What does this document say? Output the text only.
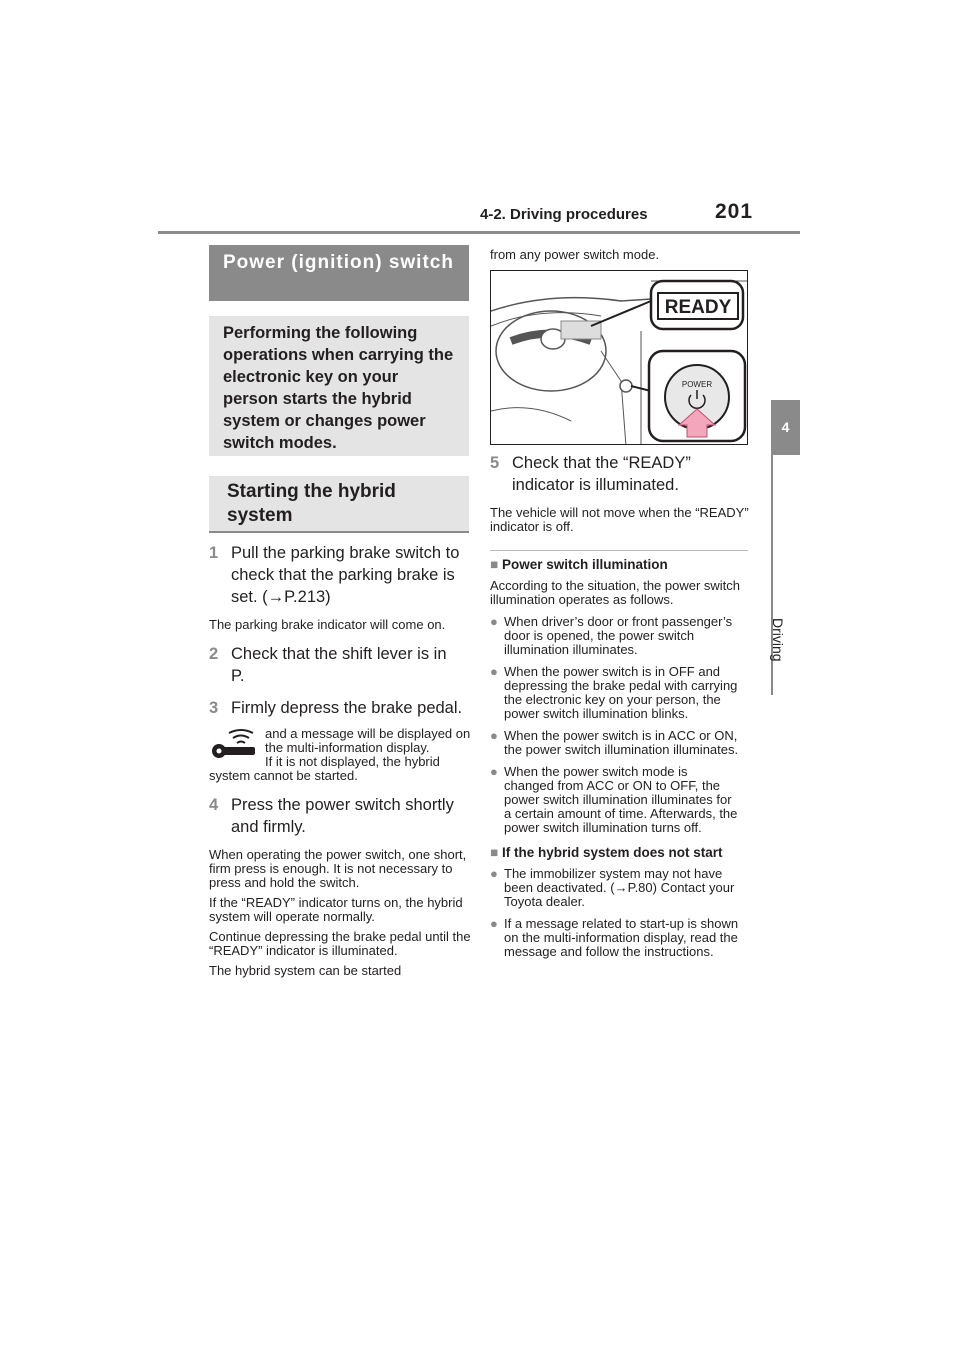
4-2. Driving procedures	201
4
Driving
Power (ignition) switch
Performing the following operations when carrying the electronic key on your person starts the hybrid system or changes power switch modes.
Starting the hybrid system
1 Pull the parking brake switch to check that the parking brake is set. (→P.213)
The parking brake indicator will come on.
2 Check that the shift lever is in P.
3 Firmly depress the brake pedal.
and a message will be displayed on the multi-information display.
If it is not displayed, the hybrid system cannot be started.
4 Press the power switch shortly and firmly.
When operating the power switch, one short, firm press is enough. It is not necessary to press and hold the switch.
If the “READY” indicator turns on, the hybrid system will operate normally.
Continue depressing the brake pedal until the “READY” indicator is illuminated.
The hybrid system can be started
from any power switch mode.
READY
POWER
5 Check that the “READY” indicator is illuminated.
The vehicle will not move when the “READY” indicator is off.
■ Power switch illumination
According to the situation, the power switch illumination operates as follows.
● When driver’s door or front passenger’s door is opened, the power switch illumination illuminates.
● When the power switch is in OFF and depressing the brake pedal with carrying the electronic key on your person, the power switch illumination blinks.
● When the power switch is in ACC or ON, the power switch illumination illuminates.
● When the power switch mode is changed from ACC or ON to OFF, the power switch illumination illuminates for a certain amount of time. Afterwards, the power switch illumination turns off.
■ If the hybrid system does not start
● The immobilizer system may not have been deactivated. (→P.80) Contact your Toyota dealer.
● If a message related to start-up is shown on the multi-information display, read the message and follow the instructions.
